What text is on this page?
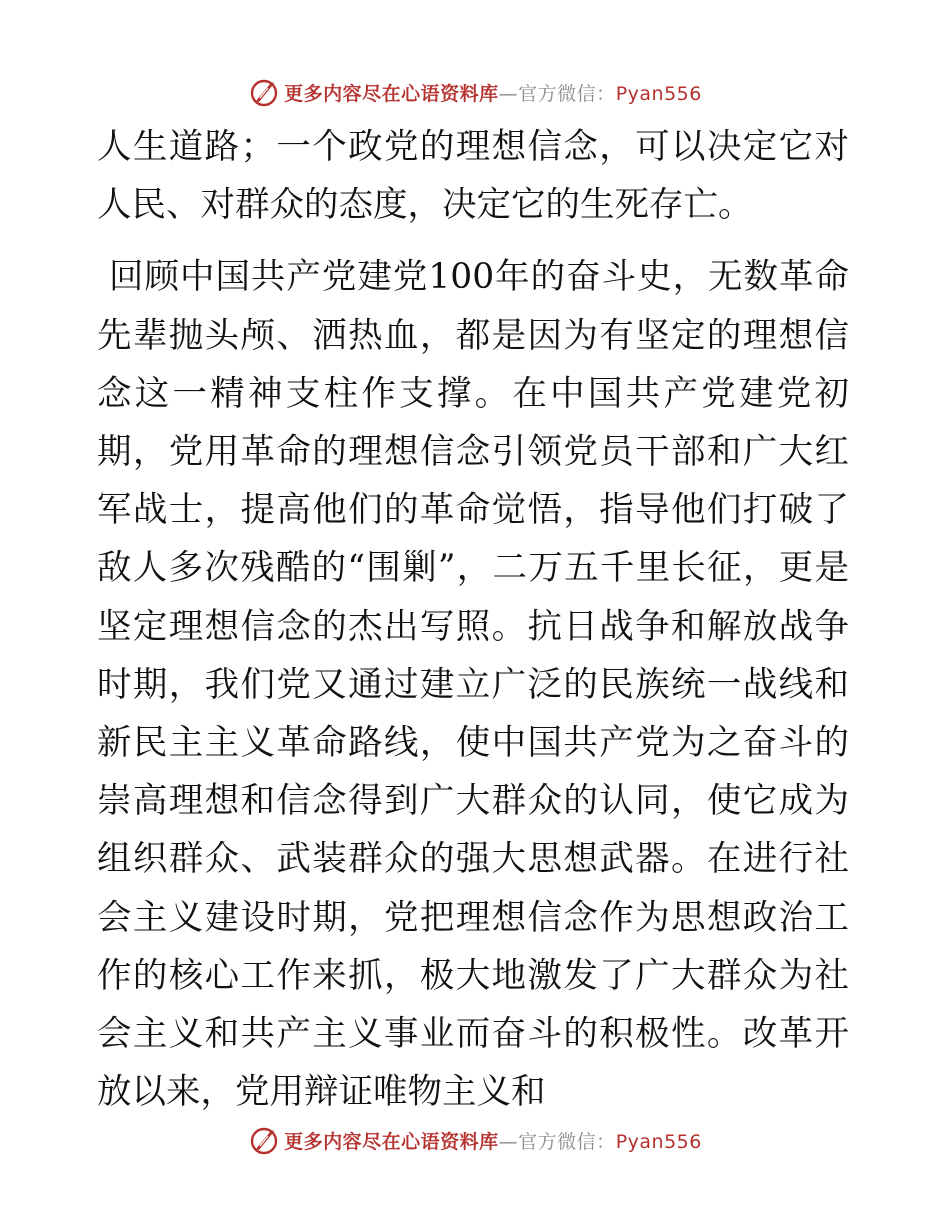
更多内容尽在心语资料库—官方微信：Pyan556

人生道路；一个政党的理想信念，可以决定它对人民、对群众的态度，决定它的生死存亡。

回顾中国共产党建党100年的奋斗史，无数革命先辈抛头颅、洒热血，都是因为有坚定的理想信念这一精神支柱作支撑。在中国共产党建党初期，党用革命的理想信念引领党员干部和广大红军战士，提高他们的革命觉悟，指导他们打破了敌人多次残酷的“围剿”，二万五千里长征，更是坚定理想信念的杰出写照。抗日战争和解放战争时期，我们党又通过建立广泛的民族统一战线和新民主主义革命路线，使中国共产党为之奋斗的崇高理想和信念得到广大群众的认同，使它成为组织群众、武装群众的强大思想武器。在进行社会主义建设时期，党把理想信念作为思想政治工作的核心工作来抓，极大地激发了广大群众为社会主义和共产主义事业而奋斗的积极性。改革开放以来，党用辩证唯物主义和

更多内容尽在心语资料库—官方微信：Pyan556
